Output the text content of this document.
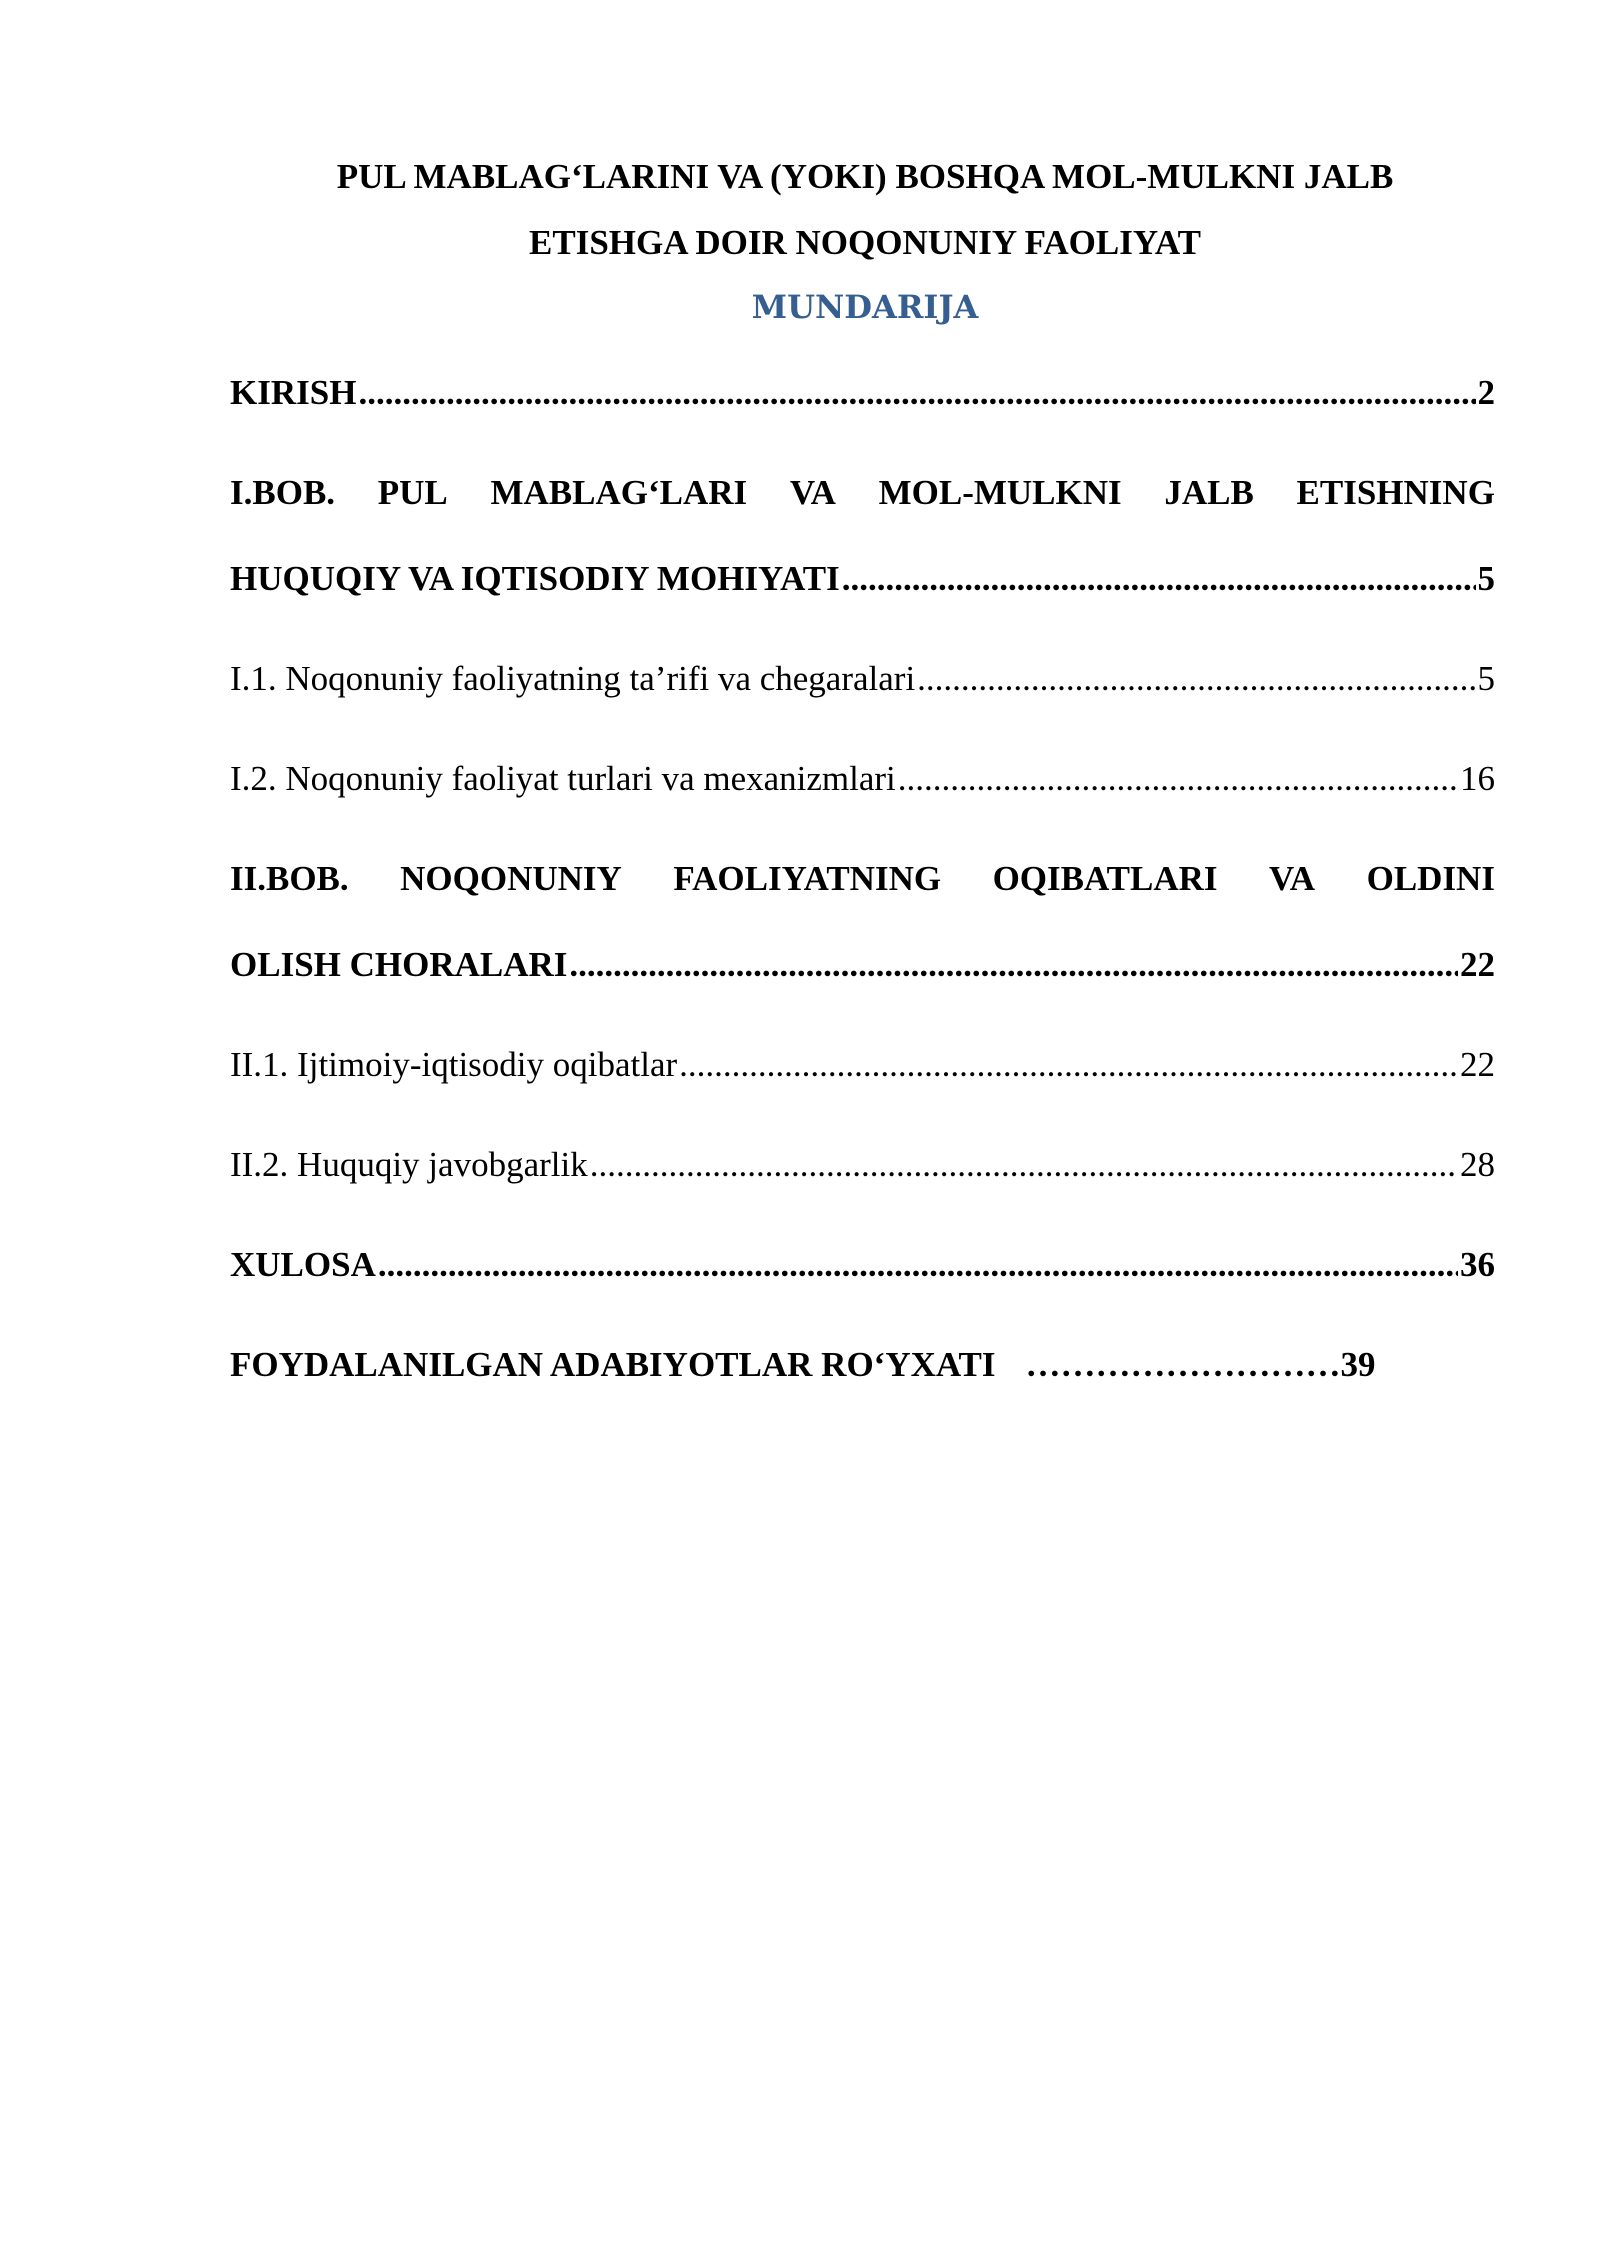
PUL MABLAG‘LARINI VA (YOKI) BOSHQA MOL-MULKNI JALB
ETISHGA DOIR NOQONUNIY FAOLIYAT
MUNDARIJA
KIRISH .....	2
I.BOB. PUL MABLAG‘LARI VA MOL-MULKNI JALB ETISHNING
HUQUQIY VA IQTISODIY MOHIYATI .....	5
I.1. Noqonuniy faoliyatning ta’rifi va chegaralari .....	5
I.2. Noqonuniy faoliyat turlari va mexanizmlari .....	16
II.BOB. NOQONUNIY FAOLIYATNING OQIBATLARI VA OLDINI
OLISH CHORALARI .....	22
II.1. Ijtimoiy-iqtisodiy oqibatlar .....	22
II.2. Huquqiy javobgarlik .....	28
XULOSA .....	36
FOYDALANILGAN ADABIYOTLAR RO‘YXATI ……………………… 39
